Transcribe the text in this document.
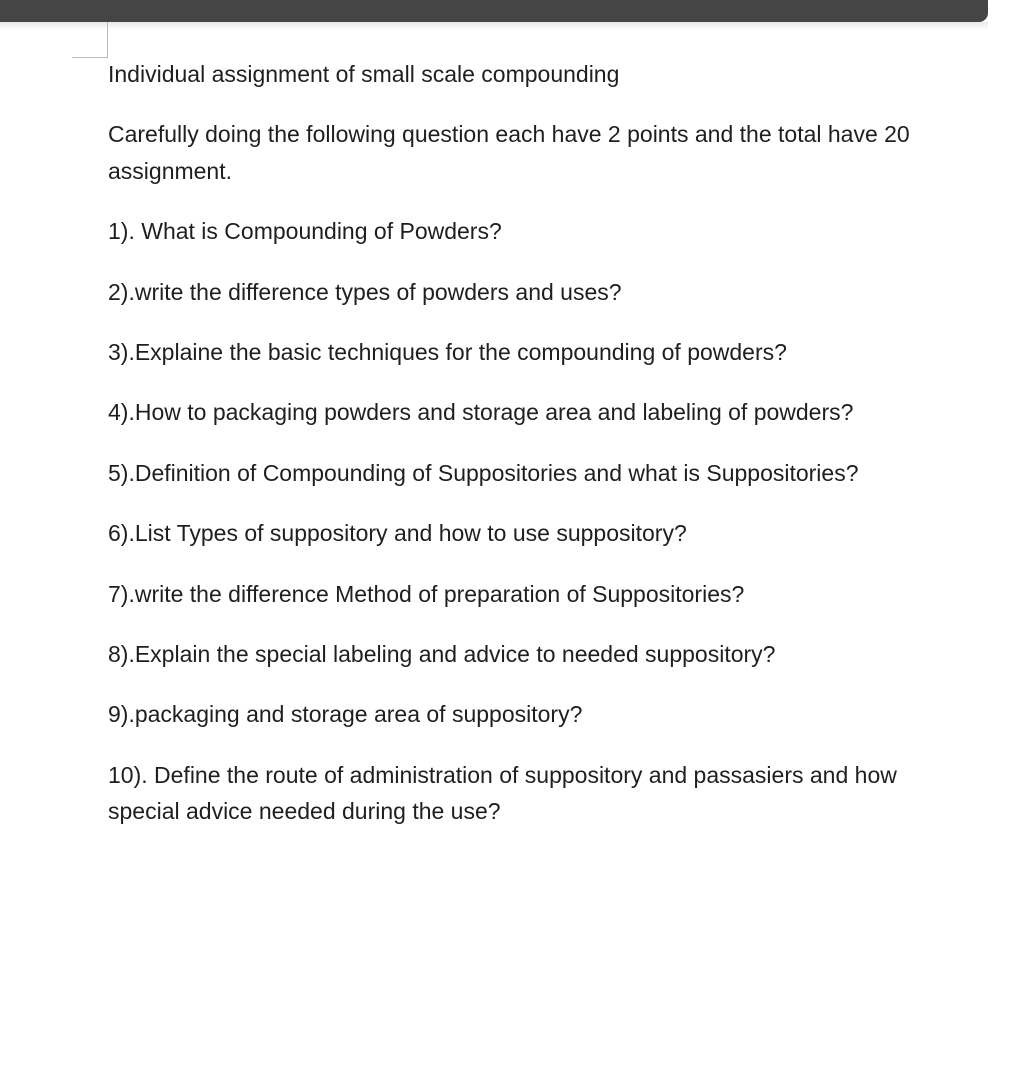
Individual assignment of small scale compounding

Carefully doing the following question each have 2 points and the total have 20

assignment.

1). What is Compounding of Powders?

2).write the difference types of powders and uses?

3).Explaine the basic techniques for the compounding of powders?

4).How to packaging powders and storage area and labeling of powders?

5).Definition of Compounding of Suppositories and what is Suppositories?

6).List Types of suppository and how to use suppository?

7).write the difference Method of preparation of Suppositories?

8).Explain the special labeling and advice to needed suppository?

9).packaging and storage area of suppository?

10). Define the route of administration of suppository and passasiers and how

special advice needed during the use?
